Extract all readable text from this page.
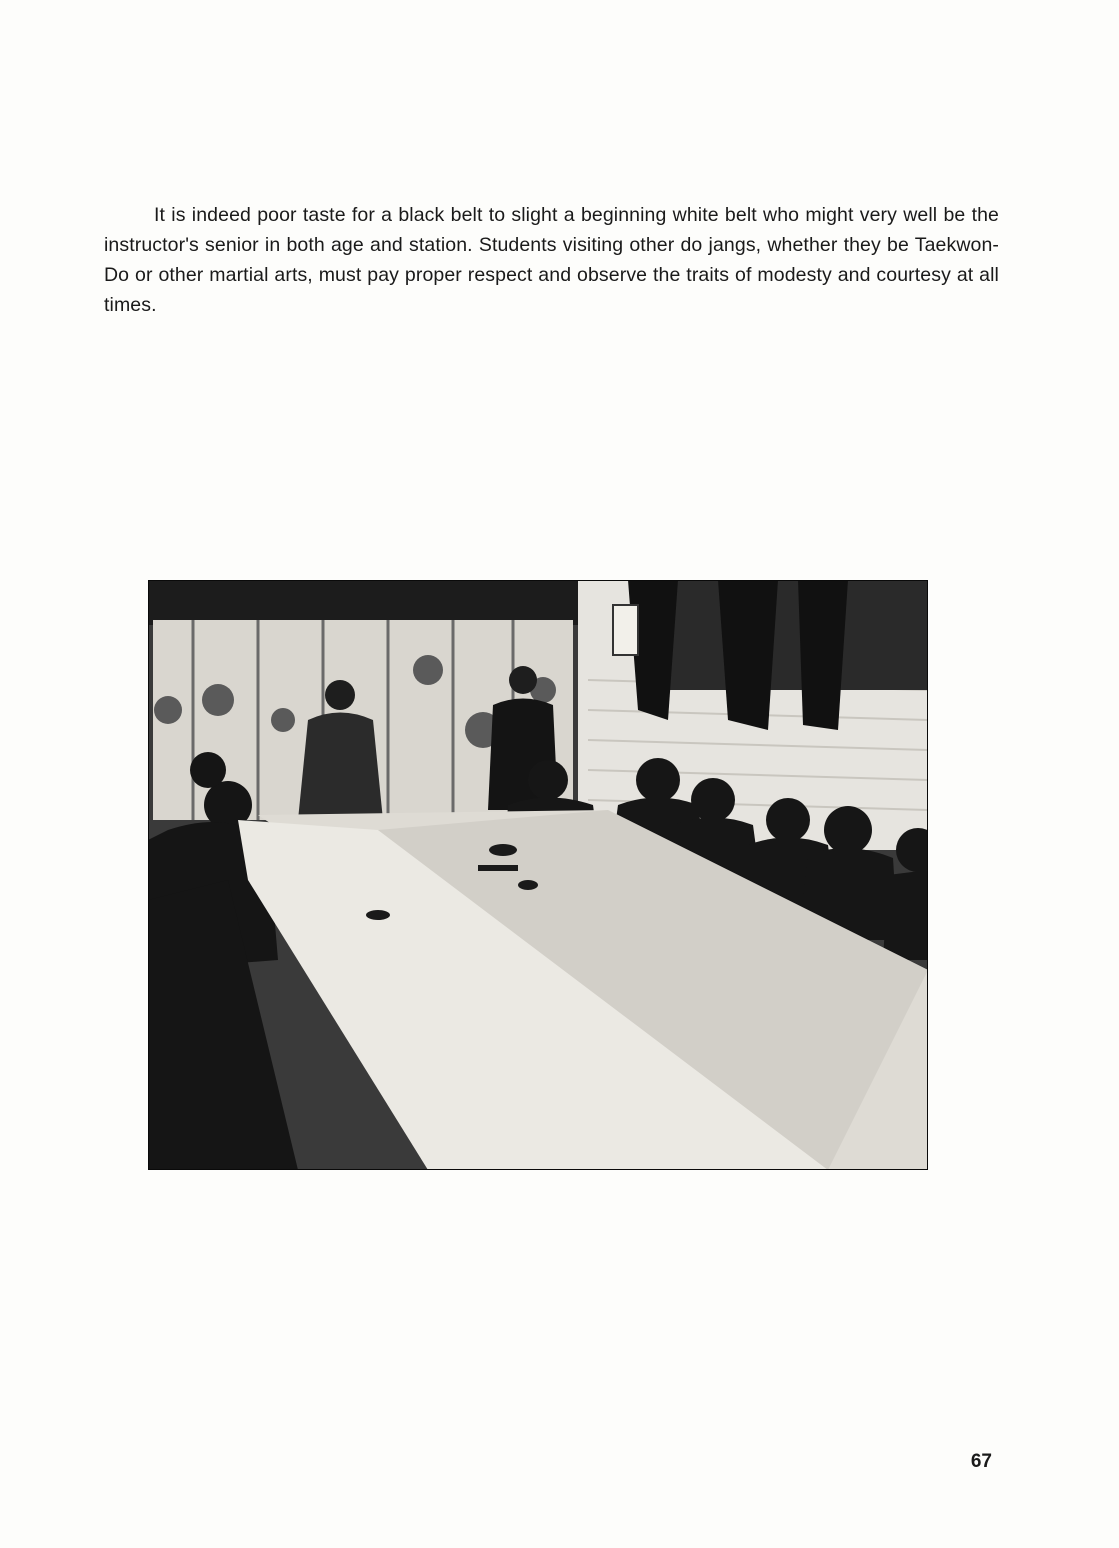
It is indeed poor taste for a black belt to slight a beginning white belt who might very well be the instructor's senior in both age and station. Students visiting other do jangs, whether they be Taekwon-Do or other martial arts, must pay proper respect and observe the traits of modesty and courtesy at all times.

67
